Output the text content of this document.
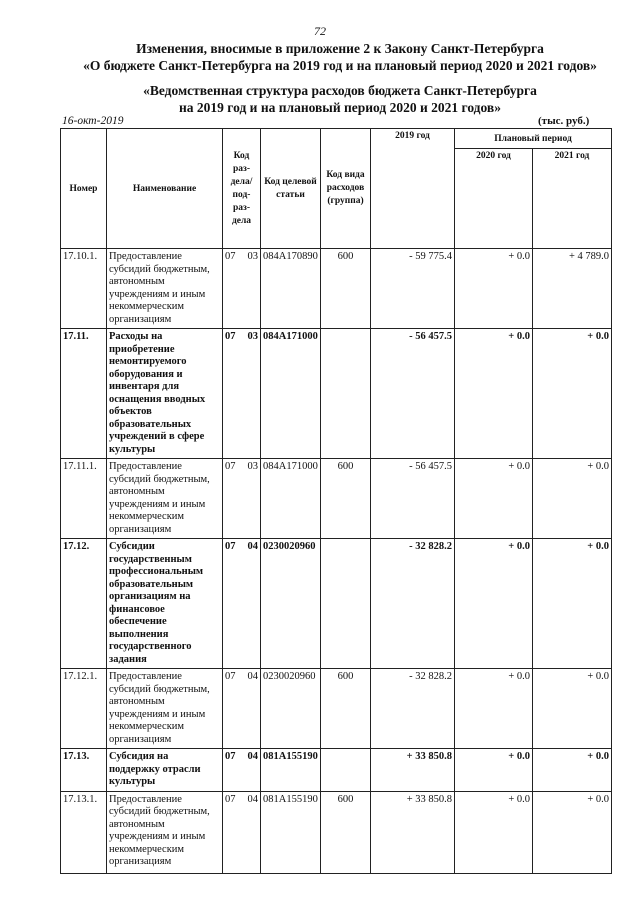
72
Изменения, вносимые в приложение 2 к Закону Санкт-Петербурга
«О бюджете Санкт-Петербурга на 2019 год и на плановый период 2020 и 2021 годов»
«Ведомственная структура расходов бюджета Санкт-Петербурга
на 2019 год и на плановый период 2020 и 2021 годов»
16-окт-2019	(тыс. руб.)
Номер	Наименование	Код раз-дела/ под-раз-дела	Код целевой статьи	Код вида расходов (группа)	2019 год	Плановый период	
						2020 год	2021 год
17.10.1.	Предоставление субсидий бюджетным, автономным учреждениям и иным некоммерческим организациям	07 03	084А170890	600	- 59 775.4	+ 0.0	+ 4 789.0
17.11.	Расходы на приобретение немонтируемого оборудования и инвентаря для оснащения вводных объектов образовательных учреждений в сфере культуры	07 03	084А171000		- 56 457.5	+ 0.0	+ 0.0
17.11.1.	Предоставление субсидий бюджетным, автономным учреждениям и иным некоммерческим организациям	07 03	084А171000	600	- 56 457.5	+ 0.0	+ 0.0
17.12.	Субсидии государственным профессиональным образовательным организациям на финансовое обеспечение выполнения государственного задания	07 04	0230020960		- 32 828.2	+ 0.0	+ 0.0
17.12.1.	Предоставление субсидий бюджетным, автономным учреждениям и иным некоммерческим организациям	07 04	0230020960	600	- 32 828.2	+ 0.0	+ 0.0
17.13.	Субсидия на поддержку отрасли культуры	07 04	081А155190		+ 33 850.8	+ 0.0	+ 0.0
17.13.1.	Предоставление субсидий бюджетным, автономным учреждениям и иным некоммерческим организациям	07 04	081А155190	600	+ 33 850.8	+ 0.0	+ 0.0
